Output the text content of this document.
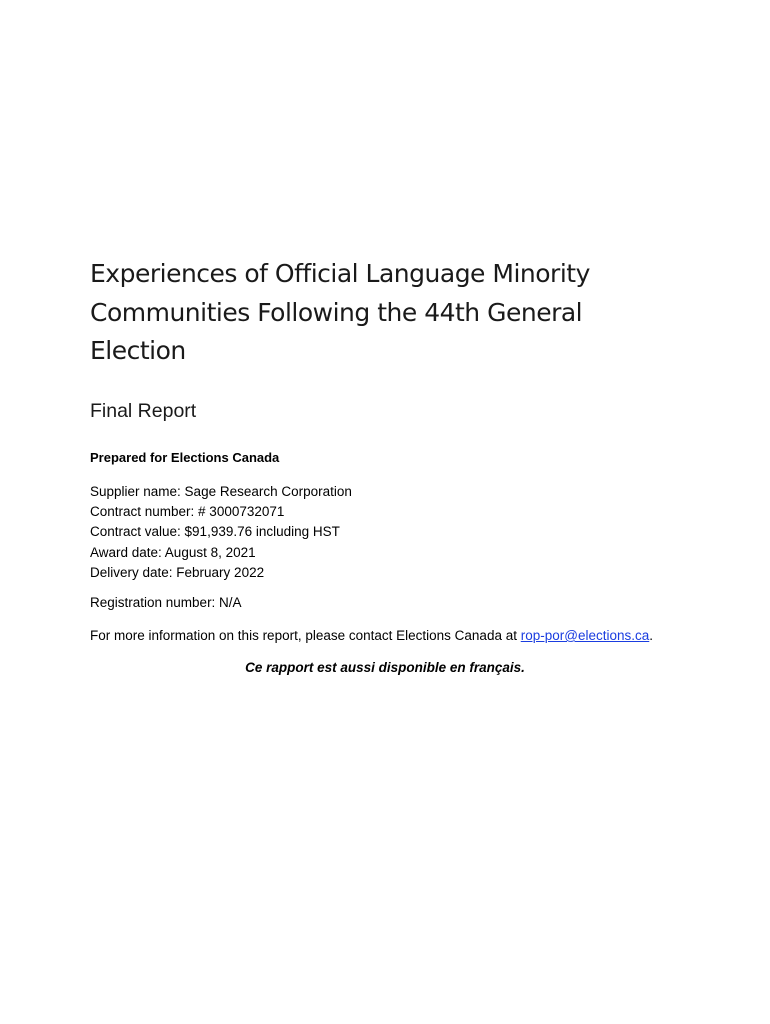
Experiences of Official Language Minority
Communities Following the 44th General
Election
Final Report

Prepared for Elections Canada

Supplier name: Sage Research Corporation
Contract number: # 3000732071
Contract value: $91,939.76 including HST
Award date: August 8, 2021
Delivery date: February 2022

Registration number: N/A

For more information on this report, please contact Elections Canada at rop-por@elections.ca.

Ce rapport est aussi disponible en français.
